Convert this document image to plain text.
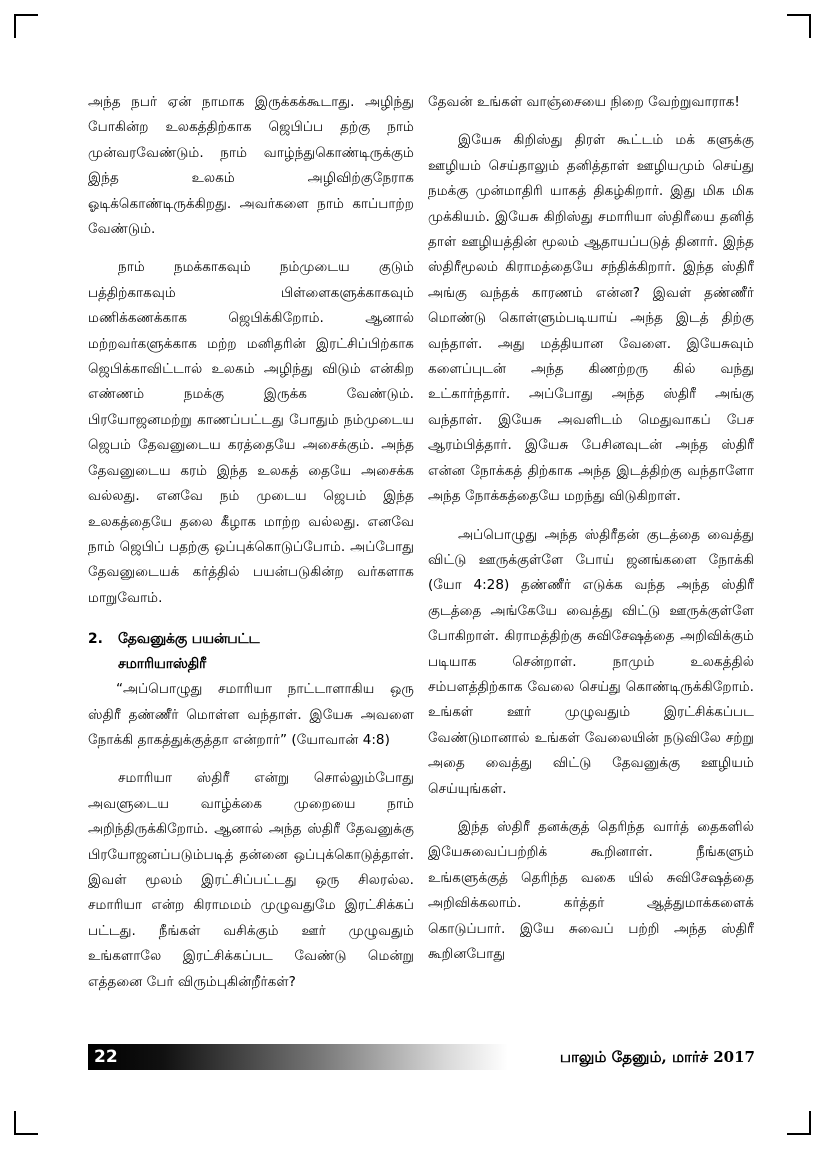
அந்த நபர் ஏன் நாமாக இருக்கக்கூடாது. அழிந்து போகின்ற உலகத்திற்காக ஜெபிப்ப தற்கு நாம் முன்வரவேண்டும். நாம் வாழ்ந்துகொண்டிருக்கும் இந்த உலகம் அழிவிற்குநேராக ஓடிக்கொண்டிருக்கிறது. அவர்களை நாம் காப்பாற்ற வேண்டும்.

நாம் நமக்காகவும் நம்முடைய குடும் பத்திற்காகவும் பிள்ளைகளுக்காகவும் மணிக்கணக்காக ஜெபிக்கிறோம். ஆனால் மற்றவர்களுக்காக மற்ற மனிதரின் இரட்சிப்பிற்காக ஜெபிக்காவிட்டால் உலகம் அழிந்து விடும் என்கிற எண்ணம் நமக்கு இருக்க வேண்டும். பிரயோஜனமற்று காணப்பட்டது போதும் நம்முடைய ஜெபம் தேவனுடைய கரத்தையே அசைக்கும். அந்த தேவனுடைய கரம் இந்த உலகத் தையே அசைக்க வல்லது. எனவே நம் முடைய ஜெபம் இந்த உலகத்தையே தலை கீழாக மாற்ற வல்லது. எனவே நாம் ஜெபிப் பதற்கு ஒப்புக்கொடுப்போம். அப்போது தேவனுடையக் கர்த்தில் பயன்படுகின்ற வர்களாக மாறுவோம்.

2. தேவனுக்கு பயன்பட்ட
சமாரியாஸ்திரீ

“அப்பொழுது சமாரியா நாட்டாளாகிய ஒரு ஸ்திரீ தண்ணீர் மொள்ள வந்தாள். இயேசு அவளை நோக்கி தாகத்துக்குத்தா என்றார்” (யோவான் 4:8)

சமாரியா ஸ்திரீ என்று சொல்லும்போது அவளுடைய வாழ்க்கை முறையை நாம் அறிந்திருக்கிறோம். ஆனால் அந்த ஸ்திரீ தேவனுக்கு பிரயோஜனப்படும்படித் தன்னை ஒப்புக்கொடுத்தாள். இவள் மூலம் இரட்சிப்பட்டது ஒரு சிலரல்ல. சமாரியா என்ற கிராமமம் முழுவதுமே இரட்சிக்கப் பட்டது. நீங்கள் வசிக்கும் ஊர் முழுவதும் உங்களாலே இரட்சிக்கப்பட வேண்டு மென்று எத்தனை பேர் விரும்புகின்றீர்கள்?

தேவன் உங்கள் வாஞ்சையை நிறை வேற்றுவாராக!

இயேசு கிறிஸ்து திரள் கூட்டம் மக் களுக்கு ஊழியம் செய்தாலும் தனித்தாள் ஊழியமும் செய்து நமக்கு முன்மாதிரி யாகத் திகழ்கிறார். இது மிக மிக முக்கியம். இயேசு கிறிஸ்து சமாரியா ஸ்திரீயை தனித் தாள் ஊழியத்தின் மூலம் ஆதாயப்படுத் தினார். இந்த ஸ்திரீமூலம் கிராமத்தையே சந்திக்கிறார். இந்த ஸ்திரீ அங்கு வந்தக் காரணம் என்ன? இவள் தண்ணீர் மொண்டு கொள்ளும்படியாய் அந்த இடத் திற்கு வந்தாள். அது மத்தியான வேளை. இயேசுவும் களைப்புடன் அந்த கிணற்றரு கில் வந்து உட்கார்ந்தார். அப்போது அந்த ஸ்திரீ அங்கு வந்தாள். இயேசு அவளிடம் மெதுவாகப் பேச ஆரம்பித்தார். இயேசு பேசினவுடன் அந்த ஸ்திரீ என்ன நோக்கத் திற்காக அந்த இடத்திற்கு வந்தாளோ அந்த நோக்கத்தையே மறந்து விடுகிறாள்.

அப்பொழுது அந்த ஸ்திரீதன் குடத்தை வைத்து விட்டு ஊருக்குள்ளே போய் ஜனங்களை நோக்கி (யோ 4:28) தண்ணீர் எடுக்க வந்த அந்த ஸ்திரீ குடத்தை அங்கேயே வைத்து விட்டு ஊருக்குள்ளே போகிறாள். கிராமத்திற்கு சுவிசேஷத்தை அறிவிக்கும் படியாக சென்றாள். நாமும் உலகத்தில் சம்பளத்திற்காக வேலை செய்து கொண்டிருக்கிறோம். உங்கள் ஊர் முழுவதும் இரட்சிக்கப்பட வேண்டுமானால் உங்கள் வேலையின் நடுவிலே சற்று அதை வைத்து விட்டு தேவனுக்கு ஊழியம் செய்யுங்கள்.

இந்த ஸ்திரீ தனக்குத் தெரிந்த வார்த் தைகளில் இயேசுவைப்பற்றிக் கூறினாள். நீங்களும் உங்களுக்குத் தெரிந்த வகை யில் சுவிசேஷத்தை அறிவிக்கலாம். கர்த்தர் ஆத்துமாக்களைக் கொடுப்பார். இயே சுவைப் பற்றி அந்த ஸ்திரீ கூறினபோது

22	பாலும் தேனும், மார்ச் 2017
